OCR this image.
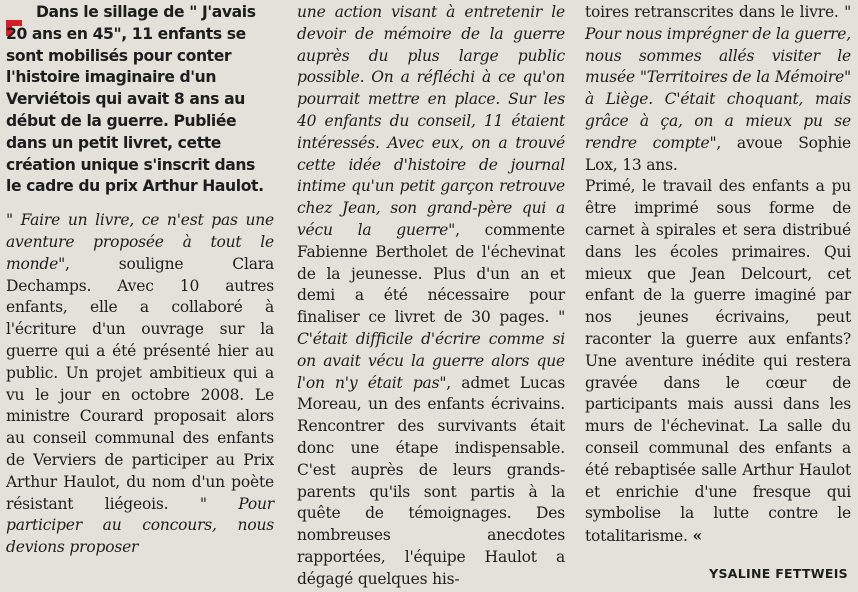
Dans le sillage de " J'avais 20 ans en 45", 11 enfants se sont mobilisés pour conter l'histoire imaginaire d'un Verviétois qui avait 8 ans au début de la guerre. Publiée dans un petit livret, cette création unique s'inscrit dans le cadre du prix Arthur Haulot.

" Faire un livre, ce n'est pas une aventure proposée à tout le monde", souligne Clara Dechamps. Avec 10 autres enfants, elle a collaboré à l'écriture d'un ouvrage sur la guerre qui a été présenté hier au public. Un projet ambitieux qui a vu le jour en octobre 2008. Le ministre Courard proposait alors au conseil communal des enfants de Verviers de participer au Prix Arthur Haulot, du nom d'un poète résistant liégeois. " Pour participer au concours, nous devions proposer

une action visant à entretenir le devoir de mémoire de la guerre auprès du plus large public possible. On a réfléchi à ce qu'on pourrait mettre en place. Sur les 40 enfants du conseil, 11 étaient intéressés. Avec eux, on a trouvé cette idée d'histoire de journal intime qu'un petit garçon retrouve chez Jean, son grand-père qui a vécu la guerre", commente Fabienne Bertholet de l'échevinat de la jeunesse. Plus d'un an et demi a été nécessaire pour finaliser ce livret de 30 pages. " C'était difficile d'écrire comme si on avait vécu la guerre alors que l'on n'y était pas", admet Lucas Moreau, un des enfants écrivains. Rencontrer des survivants était donc une étape indispensable. C'est auprès de leurs grands-parents qu'ils sont partis à la quête de témoignages. Des nombreuses anecdotes rapportées, l'équipe Haulot a dégagé quelques his-

toires retranscrites dans le livre. " Pour nous imprégner de la guerre, nous sommes allés visiter le musée "Territoires de la Mémoire" à Liège. C'était choquant, mais grâce à ça, on a mieux pu se rendre compte", avoue Sophie Lox, 13 ans.

Primé, le travail des enfants a pu être imprimé sous forme de carnet à spirales et sera distribué dans les écoles primaires. Qui mieux que Jean Delcourt, cet enfant de la guerre imaginé par nos jeunes écrivains, peut raconter la guerre aux enfants? Une aventure inédite qui restera gravée dans le cœur de participants mais aussi dans les murs de l'échevinat. La salle du conseil communal des enfants a été rebaptisée salle Arthur Haulot et enrichie d'une fresque qui symbolise la lutte contre le totalitarisme. «

YSALINE FETTWEIS
